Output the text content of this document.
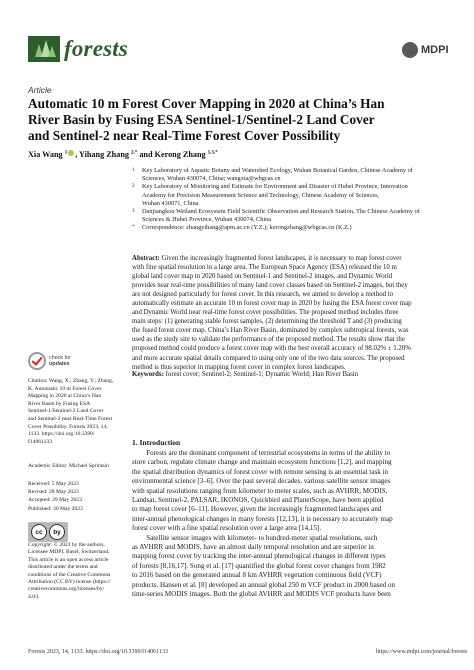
forests	MDPI
Article
Automatic 10 m Forest Cover Mapping in 2020 at China’s Han
River Basin by Fusing ESA Sentinel-1/Sentinel-2 Land Cover
and Sentinel-2 near Real-Time Forest Cover Possibility
Xia Wang $^1$ , Yihang Zhang $^{2,*}$ and Kerong Zhang $^{1,3,*}$
1	Key Laboratory of Aquatic Botany and Watershed Ecology, Wuhan Botanical Garden, Chinese Academy of
Sciences, Wuhan 430074, China; wangxia@wbgcas.cn
2	Key Laboratory of Monitoring and Estimate for Environment and Disaster of Hubei Province, Innovation
Academy for Precision Measurement Science and Technology, Chinese Academy of Sciences,
Wuhan 430071, China
3	Danjiangkou Wetland Ecosystem Field Scientific Observation and Research Station, The Chinese Academy of
Sciences & Hubei Province, Wuhan 430074, China
*	Correspondence: zhangyihang@apm.ac.cn (Y.Z.); kerongzhang@wbgcas.cn (K.Z.)
Abstract: Given the increasingly fragmented forest landscapes, it is necessary to map forest cover
with fine spatial resolution in a large area. The European Space Agency (ESA) released the 10 m
global land cover map in 2020 based on Sentinel-1 and Sentinel-2 images, and Dynamic World
provides near real-time possibilities of many land cover classes based on Sentinel-2 images, but they
are not designed particularly for forest cover. In this research, we aimed to develop a method to
automatically estimate an accurate 10 m forest cover map in 2020 by fusing the ESA forest cover map
and Dynamic World near real-time forest cover possibilities. The proposed method includes three
main steps: (1) generating stable forest samples, (2) determining the threshold T and (3) producing
the fused forest cover map. China’s Han River Basin, dominated by complex subtropical forests, was
used as the study site to validate the performance of the proposed method. The results show that the
proposed method could produce a forest cover map with the best overall accuracy of 98.02% ± 1.20%
and more accurate spatial details compared to using only one of the two data sources. The proposed
method is thus superior in mapping forest cover in complex forest landscapes.
Keywords: forest cover; Sentinel-2; Sentinel-1; Dynamic World; Han River Basin
check for
updates
Citation: Wang, X.; Zhang, Y.; Zhang,
K. Automatic 10 m Forest Cover
Mapping in 2020 at China’s Han
River Basin by Fusing ESA
Sentinel-1/Sentinel-2 Land Cover
and Sentinel-2 near Real-Time Forest
Cover Possibility. Forests 2023, 14,
1133. https://doi.org/10.3390/
f14061133
Academic Editor: Michael Sprintsin
Received: 5 May 2023
Revised: 28 May 2023
Accepted: 29 May 2023
Published: 30 May 2023
cc	by
Copyright: © 2023 by the authors.
Licensee MDPI, Basel, Switzerland.
This article is an open access article
distributed under the terms and
conditions of the Creative Commons
Attribution (CC BY) license (https://
creativecommons.org/licenses/by/
4.0/).
1. Introduction
Forests are the dominant component of terrestrial ecosystems in terms of the ability to
store carbon, regulate climate change and maintain ecosystem functions [1,2], and mapping
the spatial distribution dynamics of forest cover with remote sensing is an essential task in
environmental science [3–6]. Over the past several decades, various satellite sensor images
with spatial resolutions ranging from kilometer to meter scales, such as AVHRR, MODIS,
Landsat, Sentinel-2, PALSAR, IKONOS, Quickbird and PlanetScope, have been applied
to map forest cover [6–11]. However, given the increasingly fragmented landscapes and
inter-annual phenological changes in many forests [12,13], it is necessary to accurately map
forest cover with a fine spatial resolution over a large area [14,15].
Satellite sensor images with kilometer- to hundred-meter spatial resolutions, such
as AVHRR and MODIS, have an almost daily temporal resolution and are superior in
mapping forest cover by tracking the inter-annual phenological changes in different types
of forests [8,16,17]. Song et al. [17] quantified the global forest cover changes from 1982
to 2016 based on the generated annual 8 km AVHRR vegetation continuous field (VCF)
products. Hansen et al. [8] developed an annual global 250 m VCF product in 2000 based on
time-series MODIS images. Both the global AVHRR and MODIS VCF products have been
Forests 2023, 14, 1133. https://doi.org/10.3390/f14061133	https://www.mdpi.com/journal/forests
